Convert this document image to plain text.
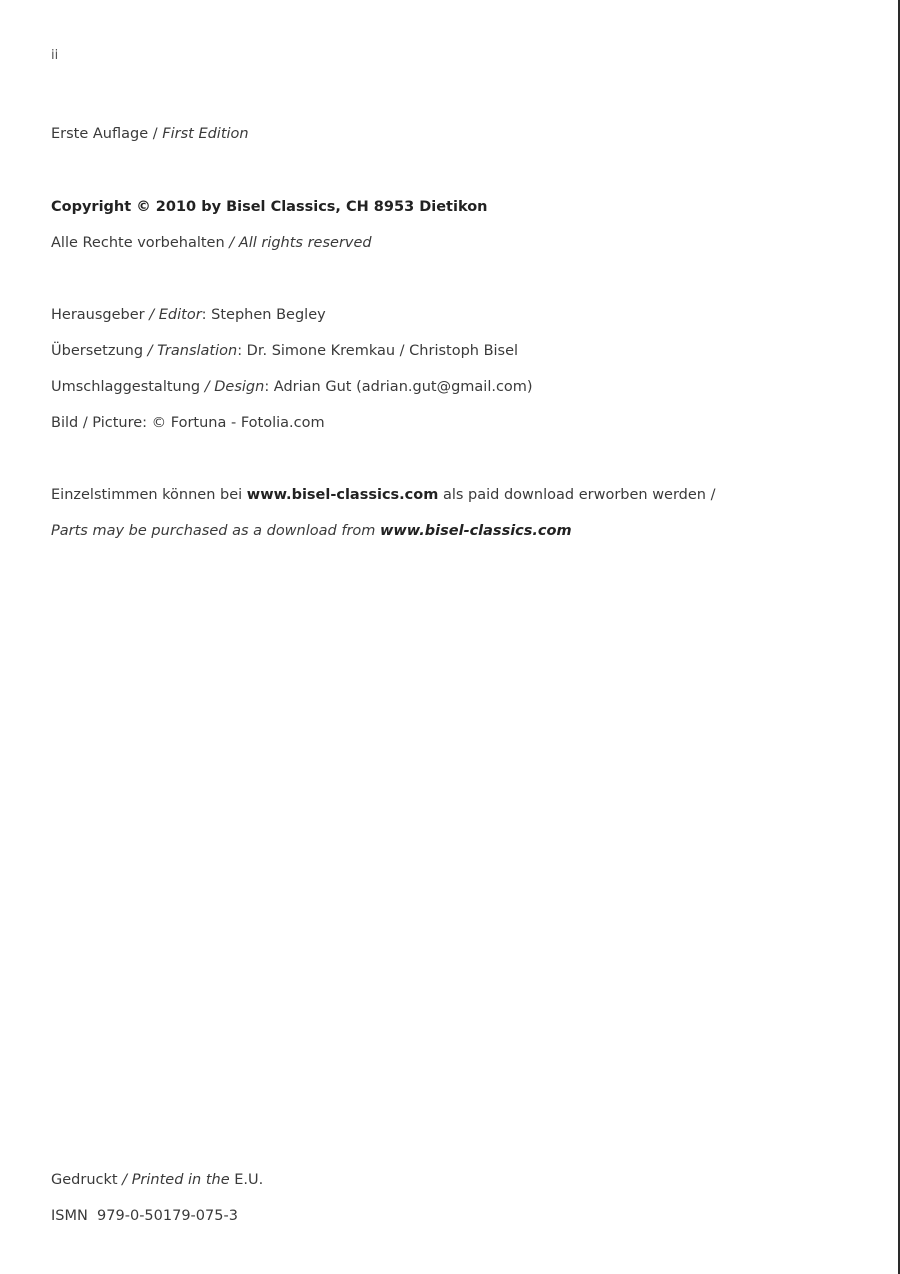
ii
Erste Auflage / First Edition
Copyright © 2010 by Bisel Classics, CH 8953 Dietikon
Alle Rechte vorbehalten / All rights reserved
Herausgeber / Editor: Stephen Begley
Übersetzung / Translation: Dr. Simone Kremkau / Christoph Bisel
Umschlaggestaltung / Design: Adrian Gut (adrian.gut@gmail.com)
Bild / Picture: © Fortuna - Fotolia.com
Einzelstimmen können bei www.bisel-classics.com als paid download erworben werden /
Parts may be purchased as a download from www.bisel-classics.com
Gedruckt / Printed in the E.U.
ISMN  979-0-50179-075-3
